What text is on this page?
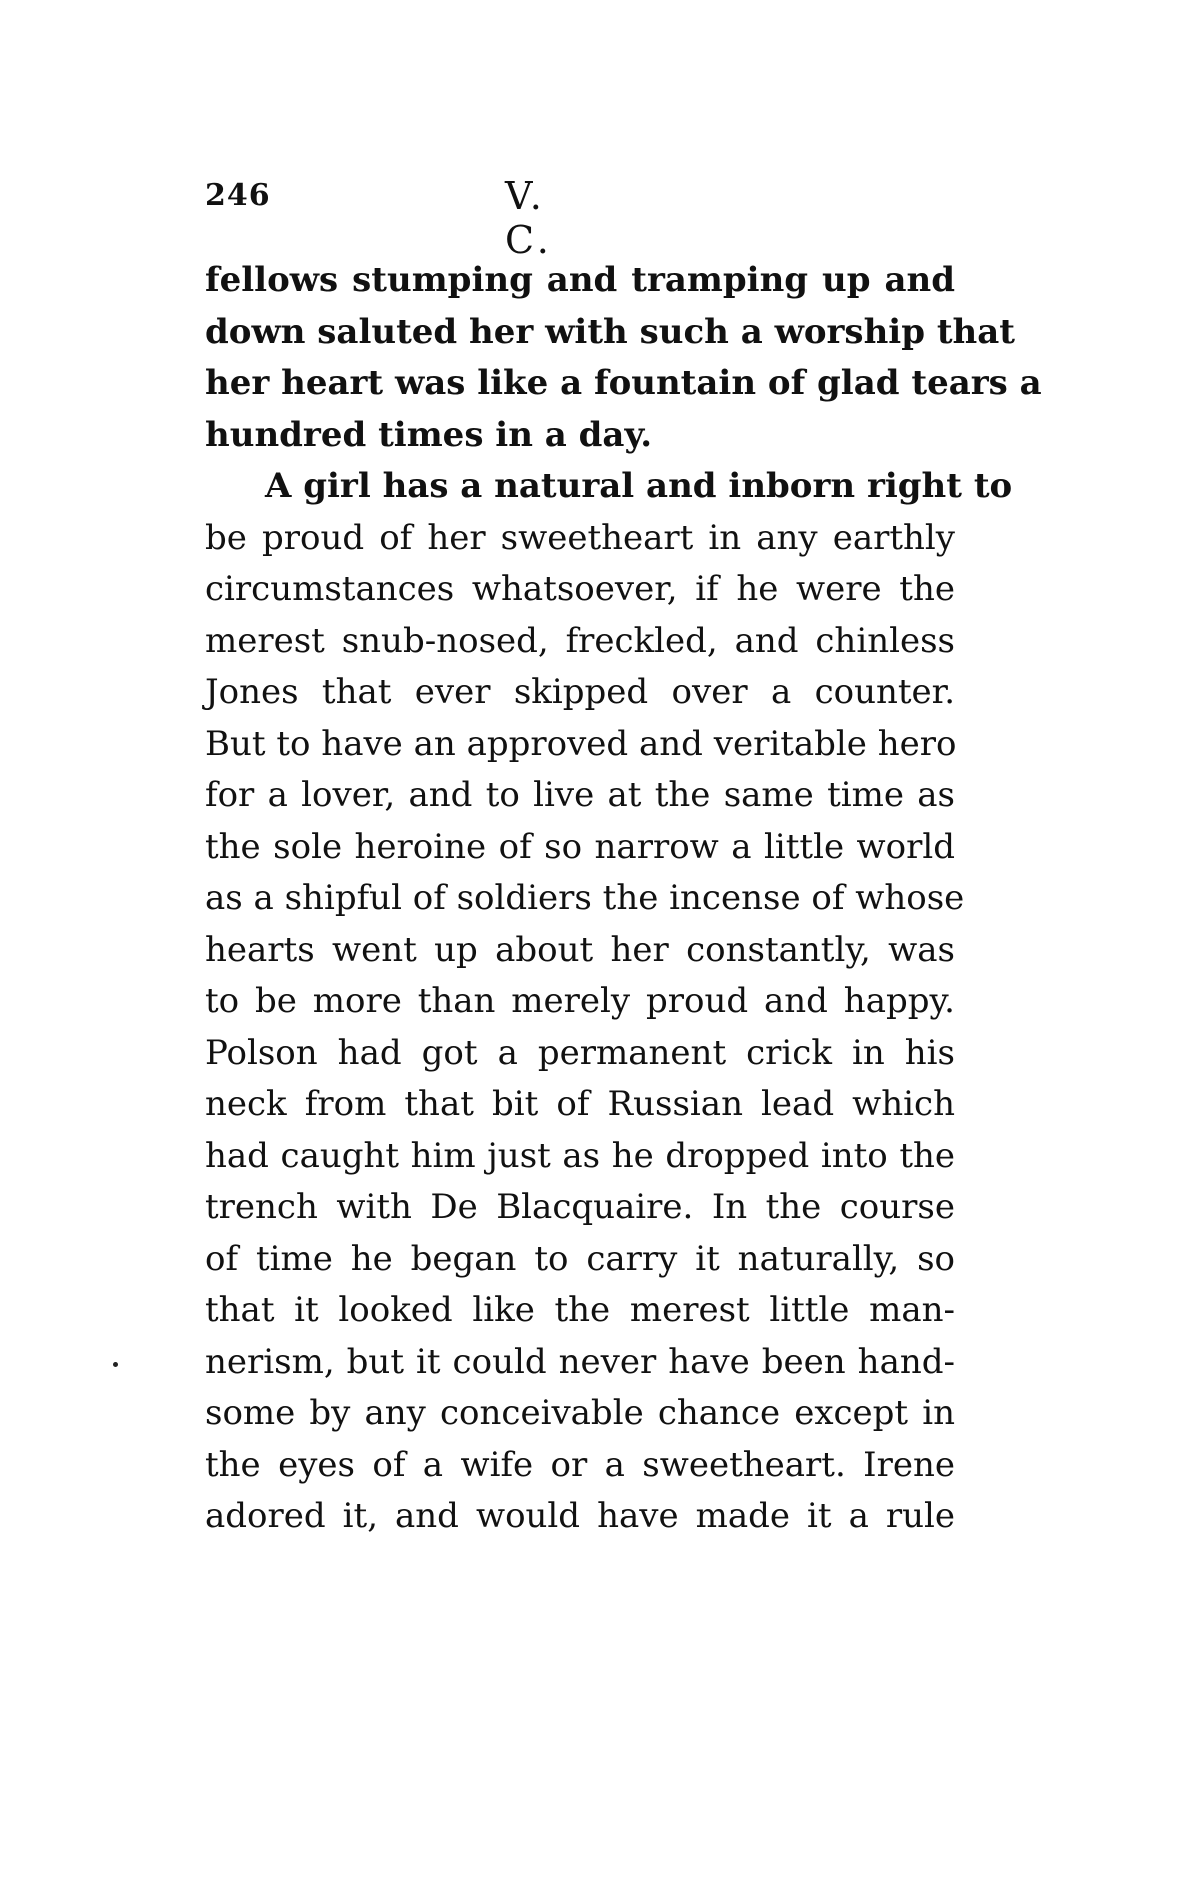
246	V. C.
fellows stumping and tramping up and
down saluted her with such a worship that
her heart was like a fountain of glad tears a
hundred times in a day.
A girl has a natural and inborn right to
be proud of her sweetheart in any earthly
circumstances whatsoever, if he were the
merest snub-nosed, freckled, and chinless
Jones that ever skipped over a counter.
But to have an approved and veritable hero
for a lover, and to live at the same time as
the sole heroine of so narrow a little world
as a shipful of soldiers the incense of whose
hearts went up about her constantly, was
to be more than merely proud and happy.
Polson had got a permanent crick in his
neck from that bit of Russian lead which
had caught him just as he dropped into the
trench with De Blacquaire. In the course
of time he began to carry it naturally, so
that it looked like the merest little man-
nerism, but it could never have been hand-
some by any conceivable chance except in
the eyes of a wife or a sweetheart. Irene
adored it, and would have made it a rule
